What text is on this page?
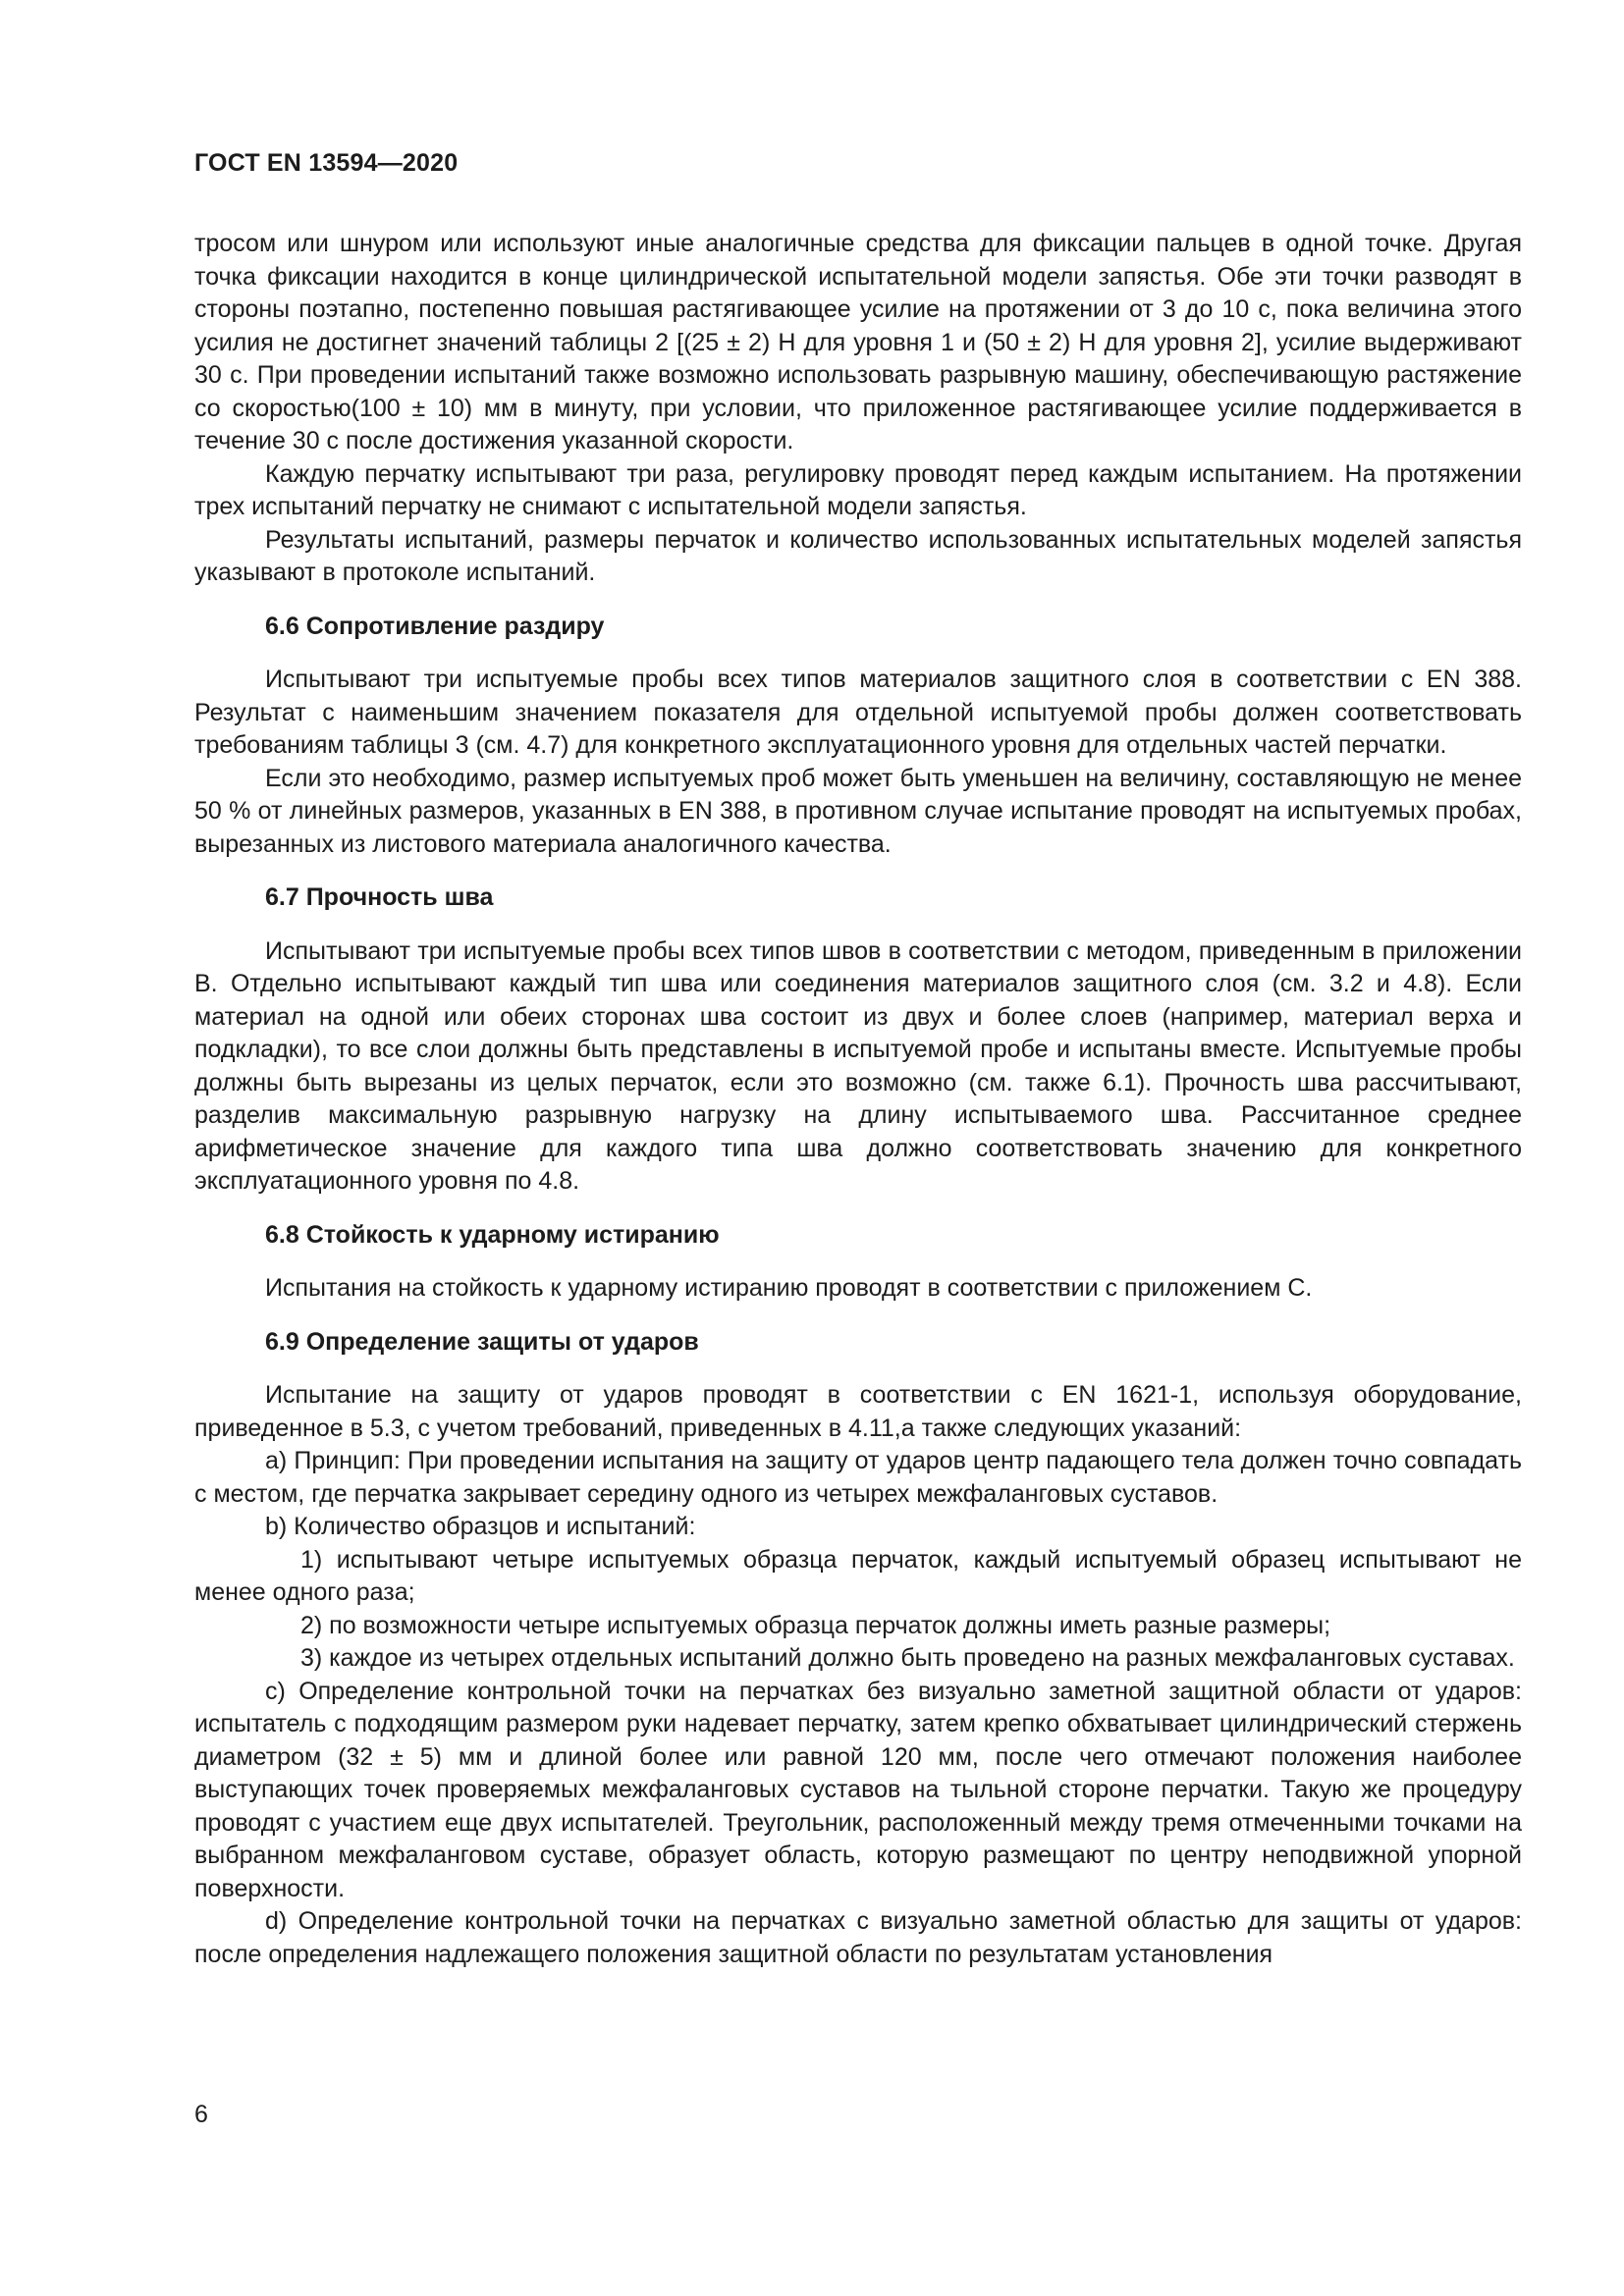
ГОСТ EN 13594—2020

тросом или шнуром или используют иные аналогичные средства для фиксации пальцев в одной точке. Другая точка фиксации находится в конце цилиндрической испытательной модели запястья. Обе эти точки разводят в стороны поэтапно, постепенно повышая растягивающее усилие на протяжении от 3 до 10 с, пока величина этого усилия не достигнет значений таблицы 2 [(25 ± 2) Н для уровня 1 и (50 ± 2) Н для уровня 2], усилие выдерживают 30 с. При проведении испытаний также возможно использовать разрывную машину, обеспечивающую растяжение со скоростью(100 ± 10) мм в минуту, при условии, что приложенное растягивающее усилие поддерживается в течение 30 с после достижения указанной скорости.

Каждую перчатку испытывают три раза, регулировку проводят перед каждым испытанием. На протяжении трех испытаний перчатку не снимают с испытательной модели запястья.

Результаты испытаний, размеры перчаток и количество использованных испытательных моделей запястья указывают в протоколе испытаний.

6.6 Сопротивление раздиру

Испытывают три испытуемые пробы всех типов материалов защитного слоя в соответствии с EN 388. Результат с наименьшим значением показателя для отдельной испытуемой пробы должен соответствовать требованиям таблицы 3 (см. 4.7) для конкретного эксплуатационного уровня для отдельных частей перчатки.

Если это необходимо, размер испытуемых проб может быть уменьшен на величину, составляющую не менее 50 % от линейных размеров, указанных в EN 388, в противном случае испытание проводят на испытуемых пробах, вырезанных из листового материала аналогичного качества.

6.7 Прочность шва

Испытывают три испытуемые пробы всех типов швов в соответствии с методом, приведенным в приложении В. Отдельно испытывают каждый тип шва или соединения материалов защитного слоя (см. 3.2 и 4.8). Если материал на одной или обеих сторонах шва состоит из двух и более слоев (например, материал верха и подкладки), то все слои должны быть представлены в испытуемой пробе и испытаны вместе. Испытуемые пробы должны быть вырезаны из целых перчаток, если это возможно (см. также 6.1). Прочность шва рассчитывают, разделив максимальную разрывную нагрузку на длину испытываемого шва. Рассчитанное среднее арифметическое значение для каждого типа шва должно соответствовать значению для конкретного эксплуатационного уровня по 4.8.

6.8 Стойкость к ударному истиранию

Испытания на стойкость к ударному истиранию проводят в соответствии с приложением С.

6.9 Определение защиты от ударов

Испытание на защиту от ударов проводят в соответствии с EN 1621-1, используя оборудование, приведенное в 5.3, с учетом требований, приведенных в 4.11,а также следующих указаний:

a) Принцип: При проведении испытания на защиту от ударов центр падающего тела должен точно совпадать с местом, где перчатка закрывает середину одного из четырех межфаланговых суставов.

b) Количество образцов и испытаний:

1) испытывают четыре испытуемых образца перчаток, каждый испытуемый образец испытывают не менее одного раза;

2) по возможности четыре испытуемых образца перчаток должны иметь разные размеры;

3) каждое из четырех отдельных испытаний должно быть проведено на разных межфаланговых суставах.

c) Определение контрольной точки на перчатках без визуально заметной защитной области от ударов: испытатель с подходящим размером руки надевает перчатку, затем крепко обхватывает цилиндрический стержень диаметром (32 ± 5) мм и длиной более или равной 120 мм, после чего отмечают положения наиболее выступающих точек проверяемых межфаланговых суставов на тыльной стороне перчатки. Такую же процедуру проводят с участием еще двух испытателей. Треугольник, расположенный между тремя отмеченными точками на выбранном межфаланговом суставе, образует область, которую размещают по центру неподвижной упорной поверхности.

d) Определение контрольной точки на перчатках с визуально заметной областью для защиты от ударов: после определения надлежащего положения защитной области по результатам установления

6
